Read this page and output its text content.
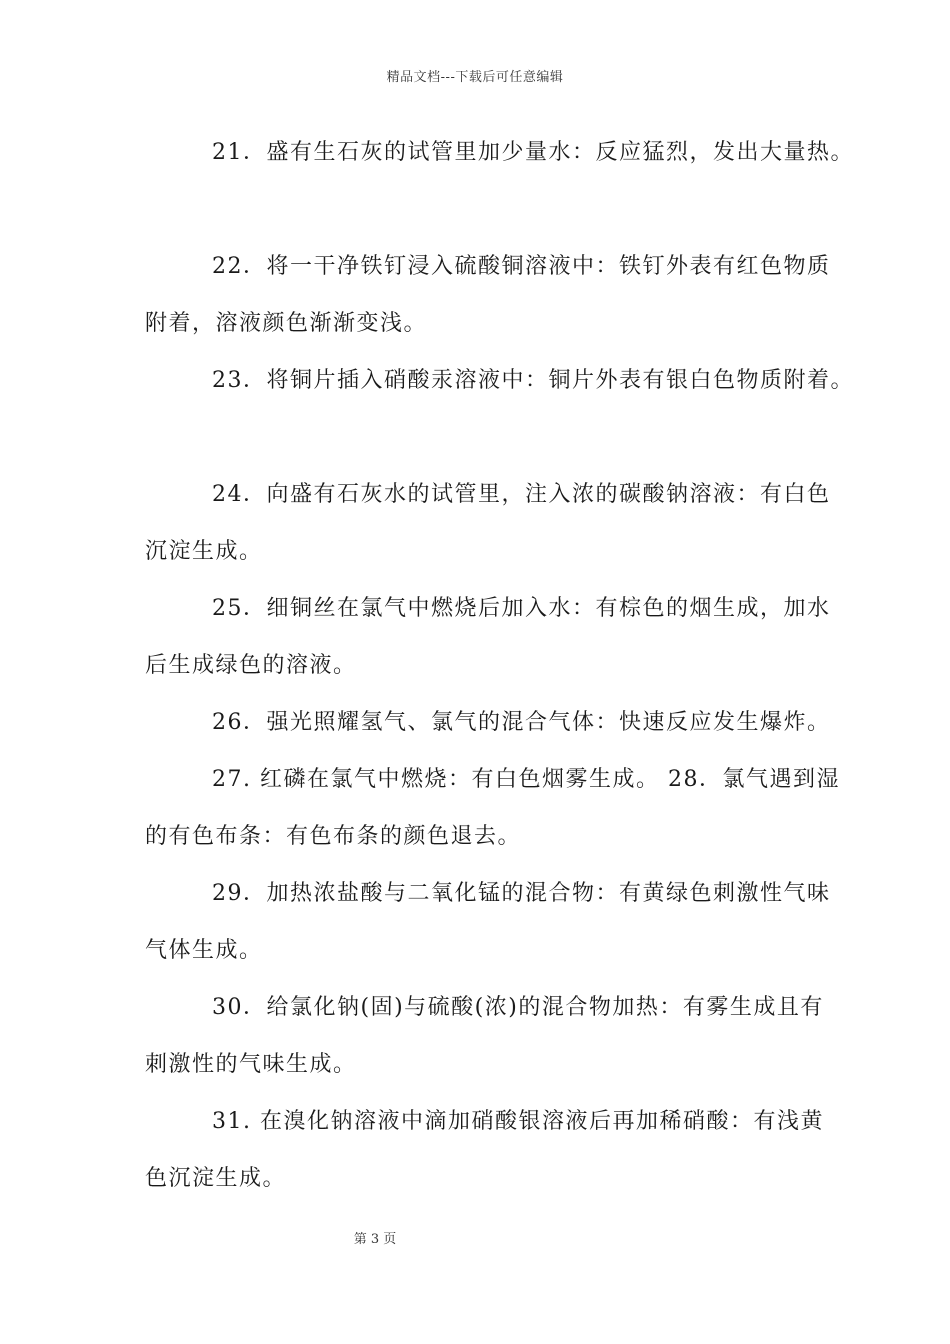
精品文档---下载后可任意编辑
21．盛有生石灰的试管里加少量水：反应猛烈，发出大量热。
22．将一干净铁钉浸入硫酸铜溶液中：铁钉外表有红色物质
附着，溶液颜色渐渐变浅。
23．将铜片插入硝酸汞溶液中：铜片外表有银白色物质附着。
24．向盛有石灰水的试管里，注入浓的碳酸钠溶液：有白色
沉淀生成。
25．细铜丝在氯气中燃烧后加入水：有棕色的烟生成，加水
后生成绿色的溶液。
26．强光照耀氢气、氯气的混合气体：快速反应发生爆炸。
27. 红磷在氯气中燃烧：有白色烟雾生成。 28．氯气遇到湿
的有色布条：有色布条的颜色退去。
29．加热浓盐酸与二氧化锰的混合物：有黄绿色刺激性气味
气体生成。
30．给氯化钠(固)与硫酸(浓)的混合物加热：有雾生成且有
刺激性的气味生成。
31. 在溴化钠溶液中滴加硝酸银溶液后再加稀硝酸：有浅黄
色沉淀生成。
第 3 页
